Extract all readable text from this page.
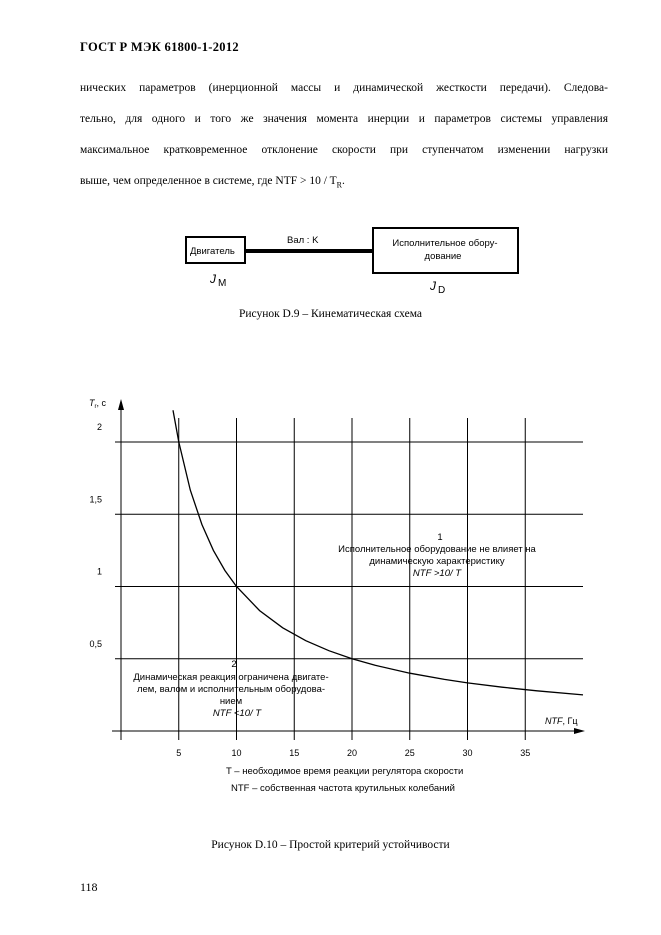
ГОСТ Р МЭК 61800-1-2012
нических параметров (инерционной массы и динамической жесткости передачи). Следова-
тельно, для одного и того же значения момента инерции и параметров системы управления
максимальное кратковременное отклонение скорости при ступенчатом изменении нагрузки
выше, чем определенное в системе, где NTF > $10 / T_R$.
Двигатель
Вал : K	Исполнительное обору-
дование
J $_M$	J $_D$
Рисунок D.9 – Кинематическая схема
0,5
1
1,5
2
5	10	15	20	25	30	35
$T_r$, с
NTF, Гц
1
Исполнительное оборудование не влияет на
динамическую характеристику
NTF >10/ T
2
Динамическая реакция ограничена двигате-
лем, валом и исполнительным оборудова-
нием
NTF <10/ T
T – необходимое время реакции регулятора скорости
NTF – собственная частота крутильных колебаний
Рисунок D.10 – Простой критерий устойчивости
118
